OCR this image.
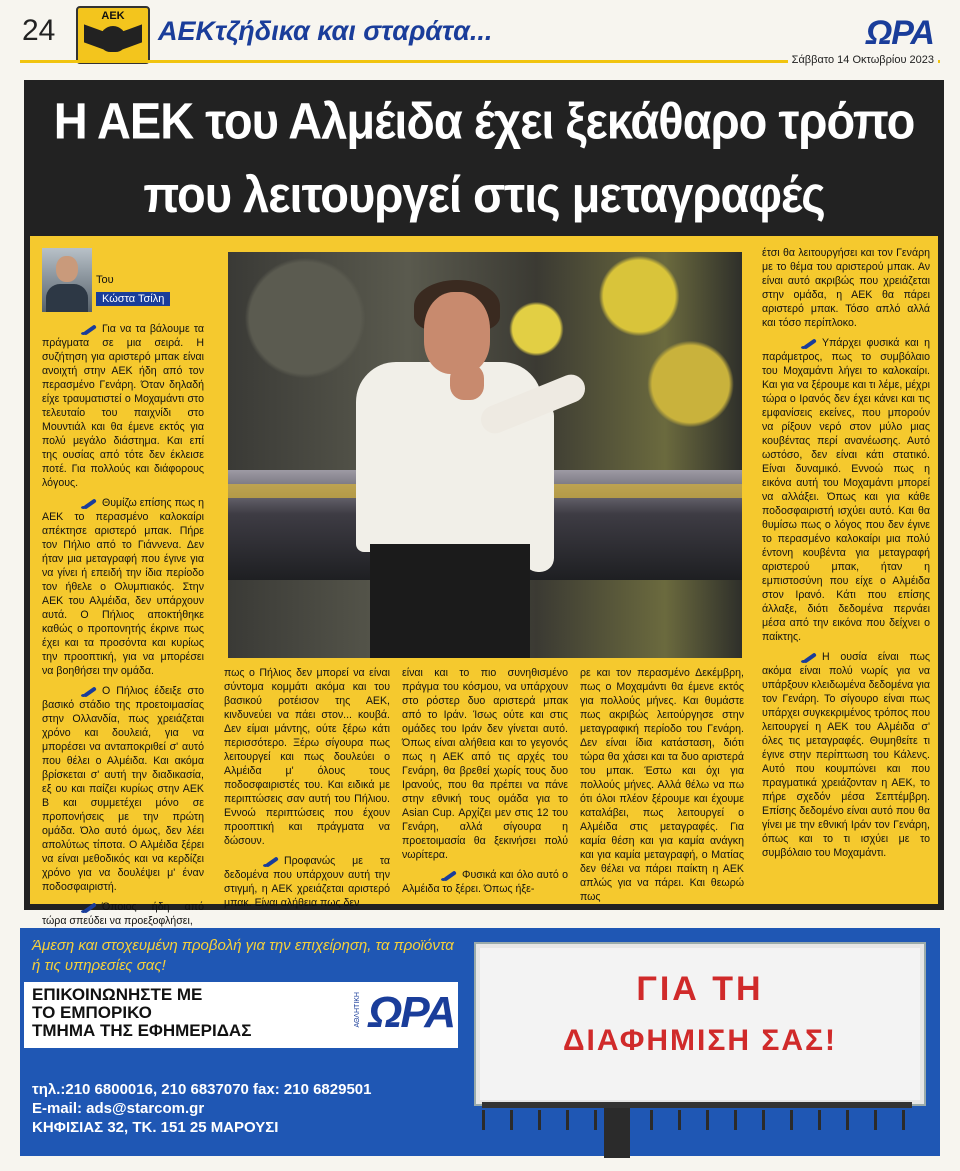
24	ΑΕΚ	ΑΕΚτζήδικα και σταράτα...	ΩΡΑ
Σάββατο 14 Οκτωβρίου 2023
Η ΑΕΚ του Αλμέιδα έχει ξεκάθαρο τρόπο
που λειτουργεί στις μεταγραφές
Του
Κώστα Τσίλη

Για να τα βάλουμε τα πράγματα σε μια σειρά. Η συζήτηση για αριστερό μπακ είναι ανοιχτή στην ΑΕΚ ήδη από τον περασμένο Γενάρη. Όταν δηλαδή είχε τραυματιστεί ο Μοχαμάντι στο τελευταίο του παιχνίδι στο Μουντιάλ και θα έμενε εκτός για πολύ μεγάλο διάστημα. Και επί της ουσίας από τότε δεν έκλεισε ποτέ. Για πολλούς και διάφορους λόγους.

Θυμίζω επίσης πως η ΑΕΚ το περασμένο καλοκαίρι απέκτησε αριστερό μπακ. Πήρε τον Πήλιο από το Γιάννενα. Δεν ήταν μια μεταγραφή που έγινε για να γίνει ή επειδή την ίδια περίοδο τον ήθελε ο Ολυμπιακός. Στην ΑΕΚ του Αλμέιδα, δεν υπάρχουν αυτά. Ο Πήλιος αποκτήθηκε καθώς ο προπονητής έκρινε πως έχει και τα προσόντα και κυρίως την προοπτική, για να μπορέσει να βοηθήσει την ομάδα.

Ο Πήλιος έδειξε στο βασικό στάδιο της προετοιμασίας στην Ολλανδία, πως χρειάζεται χρόνο και δουλειά, για να μπορέσει να ανταποκριθεί σ' αυτό που θέλει ο Αλμέιδα. Και ακόμα βρίσκεται σ' αυτή την διαδικασία, εξ ου και παίζει κυρίως στην ΑΕΚ Β και συμμετέχει μόνο σε προπονήσεις με την πρώτη ομάδα. Όλο αυτό όμως, δεν λέει απολύτως τίποτα. Ο Αλμέιδα ξέρει να είναι μεθοδικός και να κερδίζει χρόνο για να δουλέψει μ' έναν ποδοσφαιριστή.

Όποιος ήδη από τώρα σπεύδει να προεξοφλήσει,

πως ο Πήλιος δεν μπορεί να είναι σύντομα κομμάτι ακόμα και του βασικού ροτέισον της ΑΕΚ, κινδυνεύει να πάει στον... κουβά. Δεν είμαι μάντης, ούτε ξέρω κάτι περισσότερο. Ξέρω σίγουρα πως λειτουργεί και πως δουλεύει ο Αλμέιδα μ' όλους τους ποδοσφαιριστές του. Και ειδικά με περιπτώσεις σαν αυτή του Πήλιου. Εννοώ περιπτώσεις που έχουν προοπτική και πράγματα να δώσουν.

Προφανώς με τα δεδομένα που υπάρχουν αυτή την στιγμή, η ΑΕΚ χρειάζεται αριστερό μπακ. Είναι αλήθεια πως δεν

είναι και το πιο συνηθισμένο πράγμα του κόσμου, να υπάρχουν στο ρόστερ δυο αριστερά μπακ από το Ιράν. Ίσως ούτε και στις ομάδες του Ιράν δεν γίνεται αυτό. Όπως είναι αλήθεια και το γεγονός πως η ΑΕΚ από τις αρχές του Γενάρη, θα βρεθεί χωρίς τους δυο Ιρανούς, που θα πρέπει να πάνε στην εθνική τους ομάδα για το Asian Cup. Αρχίζει μεν στις 12 του Γενάρη, αλλά σίγουρα η προετοιμασία θα ξεκινήσει πολύ νωρίτερα.

Φυσικά και όλο αυτό ο Αλμέιδα το ξέρει. Όπως ήξε-

ρε και τον περασμένο Δεκέμβρη, πως ο Μοχαμάντι θα έμενε εκτός για πολλούς μήνες. Και θυμάστε πως ακριβώς λειτούργησε στην μεταγραφική περίοδο του Γενάρη. Δεν είναι ίδια κατάσταση, διότι τώρα θα χάσει και τα δυο αριστερά του μπακ. Έστω και όχι για πολλούς μήνες. Αλλά θέλω να πω ότι όλοι πλέον ξέρουμε και έχουμε καταλάβει, πως λειτουργεί ο Αλμέιδα στις μεταγραφές. Για καμία θέση και για καμία ανάγκη και για καμία μεταγραφή, ο Ματίας δεν θέλει να πάρει παίκτη η ΑΕΚ απλώς για να πάρει. Και θεωρώ πως

έτσι θα λειτουργήσει και τον Γενάρη με το θέμα του αριστερού μπακ. Αν είναι αυτό ακριβώς που χρειάζεται στην ομάδα, η ΑΕΚ θα πάρει αριστερό μπακ. Τόσο απλό αλλά και τόσο περίπλοκο.

Υπάρχει φυσικά και η παράμετρος, πως το συμβόλαιο του Μοχαμάντι λήγει το καλοκαίρι. Και για να ξέρουμε και τι λέμε, μέχρι τώρα ο Ιρανός δεν έχει κάνει και τις εμφανίσεις εκείνες, που μπορούν να ρίξουν νερό στον μύλο μιας κουβέντας περί ανανέωσης. Αυτό ωστόσο, δεν είναι κάτι στατικό. Είναι δυναμικό. Εννοώ πως η εικόνα αυτή του Μοχαμάντι μπορεί να αλλάξει. Όπως και για κάθε ποδοσφαιριστή ισχύει αυτό. Και θα θυμίσω πως ο λόγος που δεν έγινε το περασμένο καλοκαίρι μια πολύ έντονη κουβέντα για μεταγραφή αριστερού μπακ, ήταν η εμπιστοσύνη που είχε ο Αλμέιδα στον Ιρανό. Κάτι που επίσης άλλαξε, διότι δεδομένα περνάει μέσα από την εικόνα που δείχνει ο παίκτης.

Η ουσία είναι πως ακόμα είναι πολύ νωρίς για να υπάρξουν κλειδωμένα δεδομένα για τον Γενάρη. Το σίγουρο είναι πως υπάρχει συγκεκριμένος τρόπος που λειτουργεί η ΑΕΚ του Αλμέιδα σ' όλες τις μεταγραφές. Θυμηθείτε τι έγινε στην περίπτωση του Κάλενς. Αυτό που κουμπώνει και που πραγματικά χρειάζονταν η ΑΕΚ, το πήρε σχεδόν μέσα Σεπτέμβρη. Επίσης δεδομένο είναι αυτό που θα γίνει με την εθνική Ιράν τον Γενάρη, όπως και το τι ισχύει με το συμβόλαιο του Μοχαμάντι.

Άμεση και στοχευμένη προβολή για την επιχείρηση, τα προϊόντα ή τις υπηρεσίες σας!
ΕΠΙΚΟΙΝΩΝΗΣΤΕ ΜΕ
ΤΟ ΕΜΠΟΡΙΚΟ
ΤΜΗΜΑ ΤΗΣ ΕΦΗΜΕΡΙΔΑΣ
ΑΘΛΗΤΙΚΗ ΩΡΑ
τηλ.:210 6800016, 210 6837070 fax: 210 6829501
E-mail: ads@starcom.gr
ΚΗΦΙΣΙΑΣ 32, ΤΚ. 151 25 ΜΑΡΟΥΣΙ
ΓΙΑ ΤΗ
ΔΙΑΦΗΜΙΣΗ ΣΑΣ!
